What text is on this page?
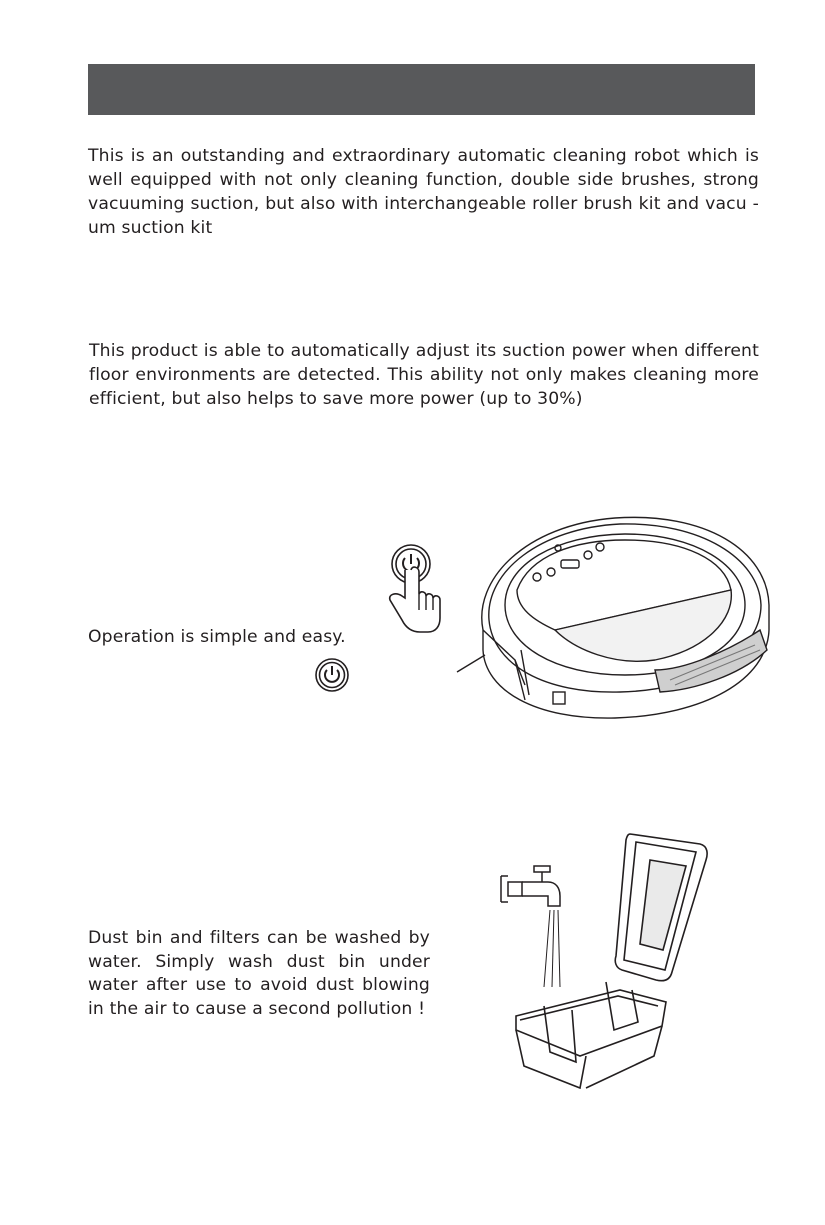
This is an outstanding and extraordinary automatic cleaning robot which is well equipped with not only cleaning function, double side brushes, strong vacuuming suction, but also with interchangeable roller brush kit and vacu -um suction kit
This product is able to automatically adjust its suction power when different floor environments are detected. This ability not only makes cleaning more efficient, but also helps to save more power (up to 30%)
Operation is simple and easy.
Dust bin and filters can be washed by water. Simply wash dust bin under water after use to avoid dust blowing in the air to cause a second pollution !
